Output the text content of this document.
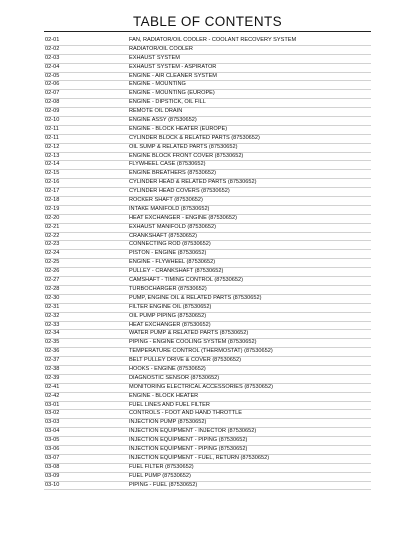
TABLE OF CONTENTS
02-01	FAN, RADIATOR/OIL COOLER - COOLANT RECOVERY SYSTEM
02-02	RADIATOR/OIL COOLER
02-03	EXHAUST SYSTEM
02-04	EXHAUST SYSTEM - ASPIRATOR
02-05	ENGINE - AIR CLEANER SYSTEM
02-06	ENGINE - MOUNTING
02-07	ENGINE - MOUNTING (EUROPE)
02-08	ENGINE - DIPSTICK, OIL FILL
02-09	REMOTE OIL DRAIN
02-10	ENGINE ASSY (87530652)
02-11	ENGINE - BLOCK HEATER (EUROPE)
02-11	CYLINDER BLOCK & RELATED PARTS (87530652)
02-12	OIL SUMP & RELATED PARTS (87530652)
02-13	ENGINE BLOCK FRONT COVER (87530652)
02-14	FLYWHEEL CASE (87530652)
02-15	ENGINE BREATHERS (87530652)
02-16	CYLINDER HEAD & RELATED PARTS (87530652)
02-17	CYLINDER HEAD COVERS (87530652)
02-18	ROCKER SHAFT (87530652)
02-19	INTAKE MANIFOLD (87530652)
02-20	HEAT EXCHANGER - ENGINE (87530652)
02-21	EXHAUST MANIFOLD (87530652)
02-22	CRANKSHAFT (87530652)
02-23	CONNECTING ROD (87530652)
02-24	PISTON - ENGINE (87530652)
02-25	ENGINE - FLYWHEEL (87530652)
02-26	PULLEY - CRANKSHAFT (87530652)
02-27	CAMSHAFT - TIMING CONTROL (87530652)
02-28	TURBOCHARGER (87530652)
02-30	PUMP, ENGINE OIL & RELATED PARTS (87530652)
02-31	FILTER ENGINE OIL (87530652)
02-32	OIL PUMP PIPING (87530652)
02-33	HEAT EXCHANGER (87530652)
02-34	WATER PUMP & RELATED PARTS (87530652)
02-35	PIPING - ENGINE COOLING SYSTEM (87530652)
02-36	TEMPERATURE CONTROL (THERMOSTAT) (87530652)
02-37	BELT PULLEY DRIVE & COVER (87530652)
02-38	HOOKS - ENGINE (87530652)
02-39	DIAGNOSTIC SENSOR (87530652)
02-41	MONITORING ELECTRICAL ACCESSORIES (87530652)
02-42	ENGINE - BLOCK HEATER
03-01	FUEL LINES AND FUEL FILTER
03-02	CONTROLS - FOOT AND HAND THROTTLE
03-03	INJECTION PUMP (87530652)
03-04	INJECTION EQUIPMENT - INJECTOR (87530652)
03-05	INJECTION EQUIPMENT - PIPING (87530652)
03-06	INJECTION EQUIPMENT - PIPING (87530652)
03-07	INJECTION EQUIPMENT - FUEL, RETURN (87530652)
03-08	FUEL FILTER (87530652)
03-09	FUEL PUMP (87530652)
03-10	PIPING - FUEL (87530652)
